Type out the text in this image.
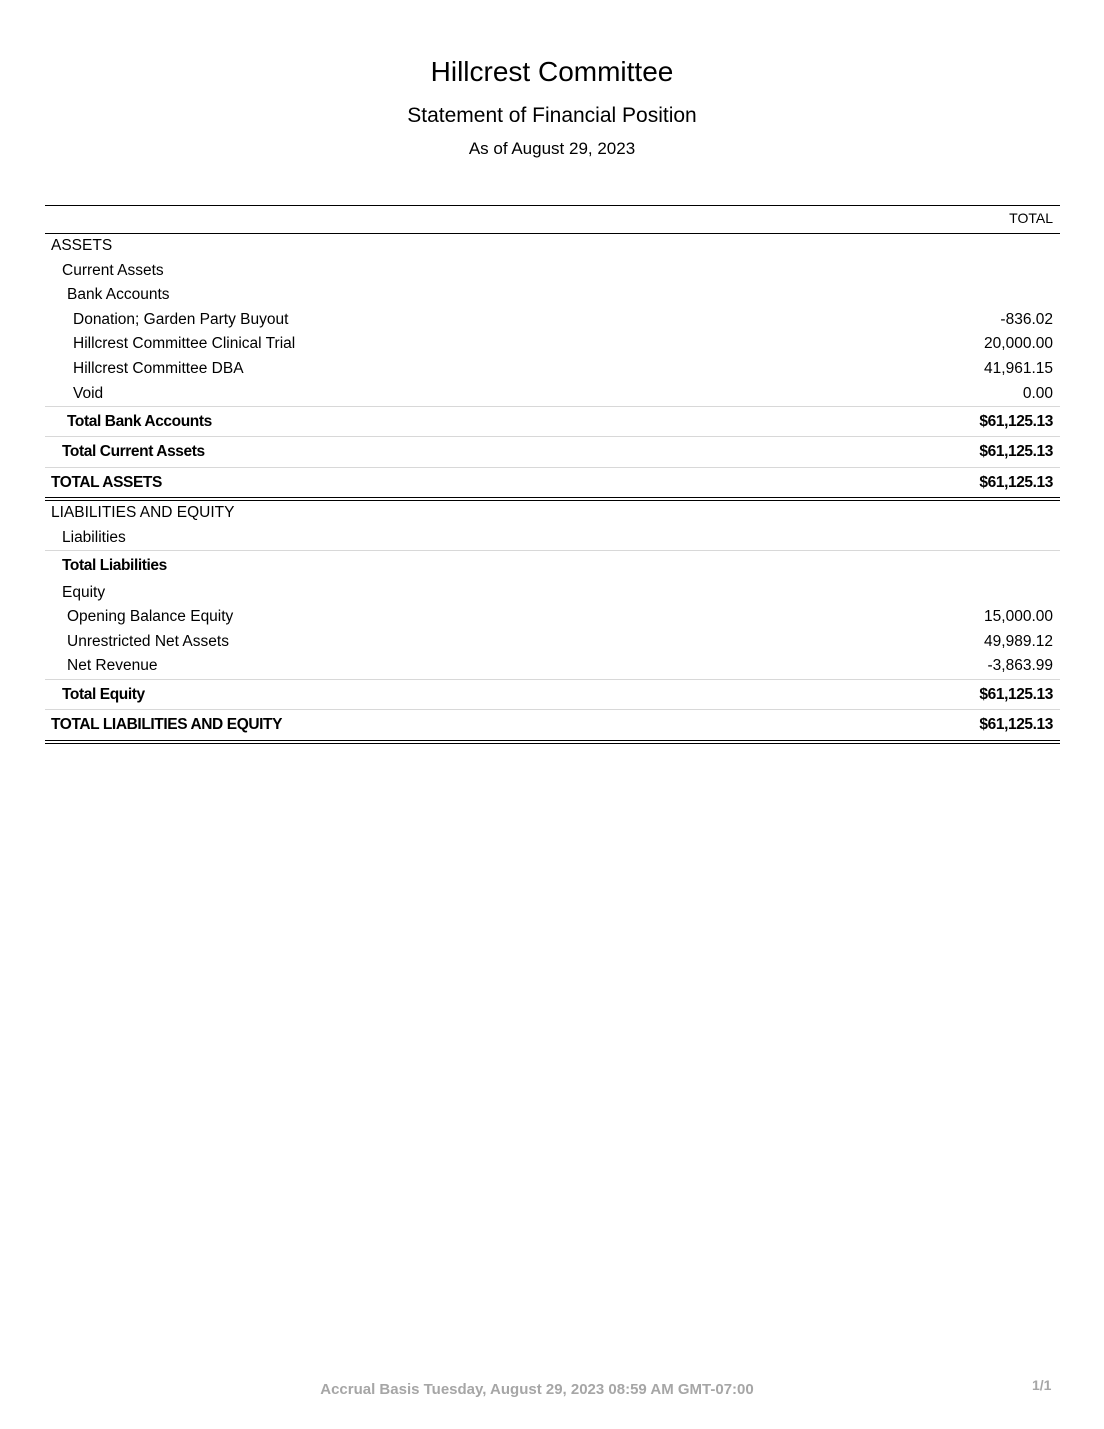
Hillcrest Committee
Statement of Financial Position
As of August 29, 2023
TOTAL
ASSETS
Current Assets
Bank Accounts
Donation; Garden Party Buyout	-836.02
Hillcrest Committee Clinical Trial	20,000.00
Hillcrest Committee DBA	41,961.15
Void	0.00
Total Bank Accounts	$61,125.13
Total Current Assets	$61,125.13
TOTAL ASSETS	$61,125.13
LIABILITIES AND EQUITY
Liabilities
Total Liabilities
Equity
Opening Balance Equity	15,000.00
Unrestricted Net Assets	49,989.12
Net Revenue	-3,863.99
Total Equity	$61,125.13
TOTAL LIABILITIES AND EQUITY	$61,125.13
Accrual Basis Tuesday, August 29, 2023 08:59 AM GMT-07:00	1/1
